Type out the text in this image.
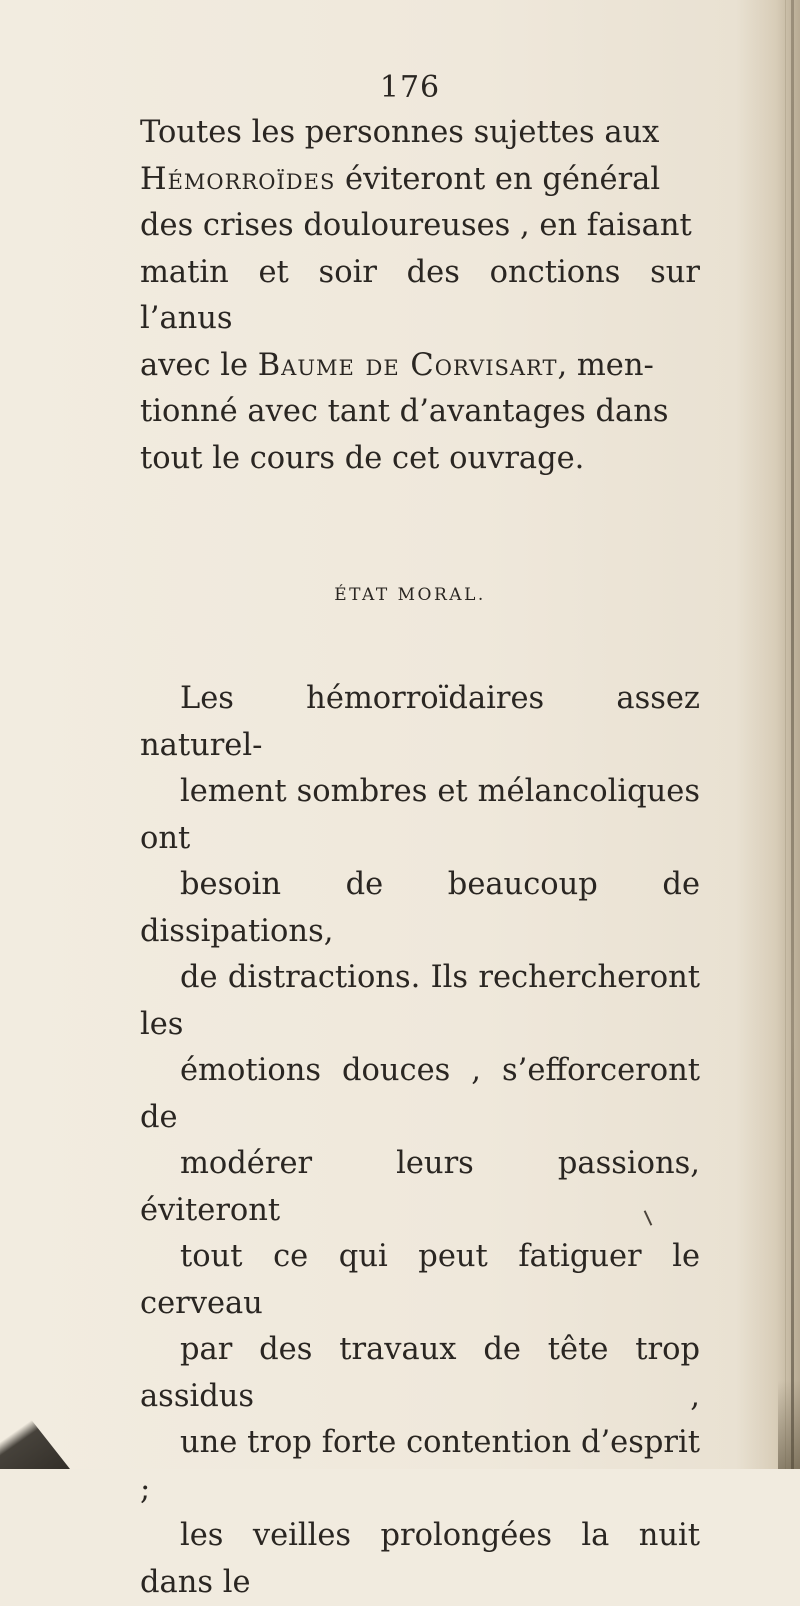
176

Toutes les personnes sujettes aux
Hémorroïdes éviteront en général
des crises douloureuses , en faisant
matin et soir des onctions sur l’anus
avec le Baume de Corvisart, men-
tionné avec tant d’avantages dans
tout le cours de cet ouvrage.

ÉTAT MORAL.

Les hémorroïdaires assez naturel-
lement sombres et mélancoliques ont
besoin de beaucoup de dissipations,
de distractions. Ils rechercheront les
émotions douces , s’efforceront de
modérer leurs passions, éviteront
tout ce qui peut fatiguer le cerveau
par des travaux de tête trop assidus ,
une trop forte contention d’esprit ;
les veilles prolongées la nuit dans le
